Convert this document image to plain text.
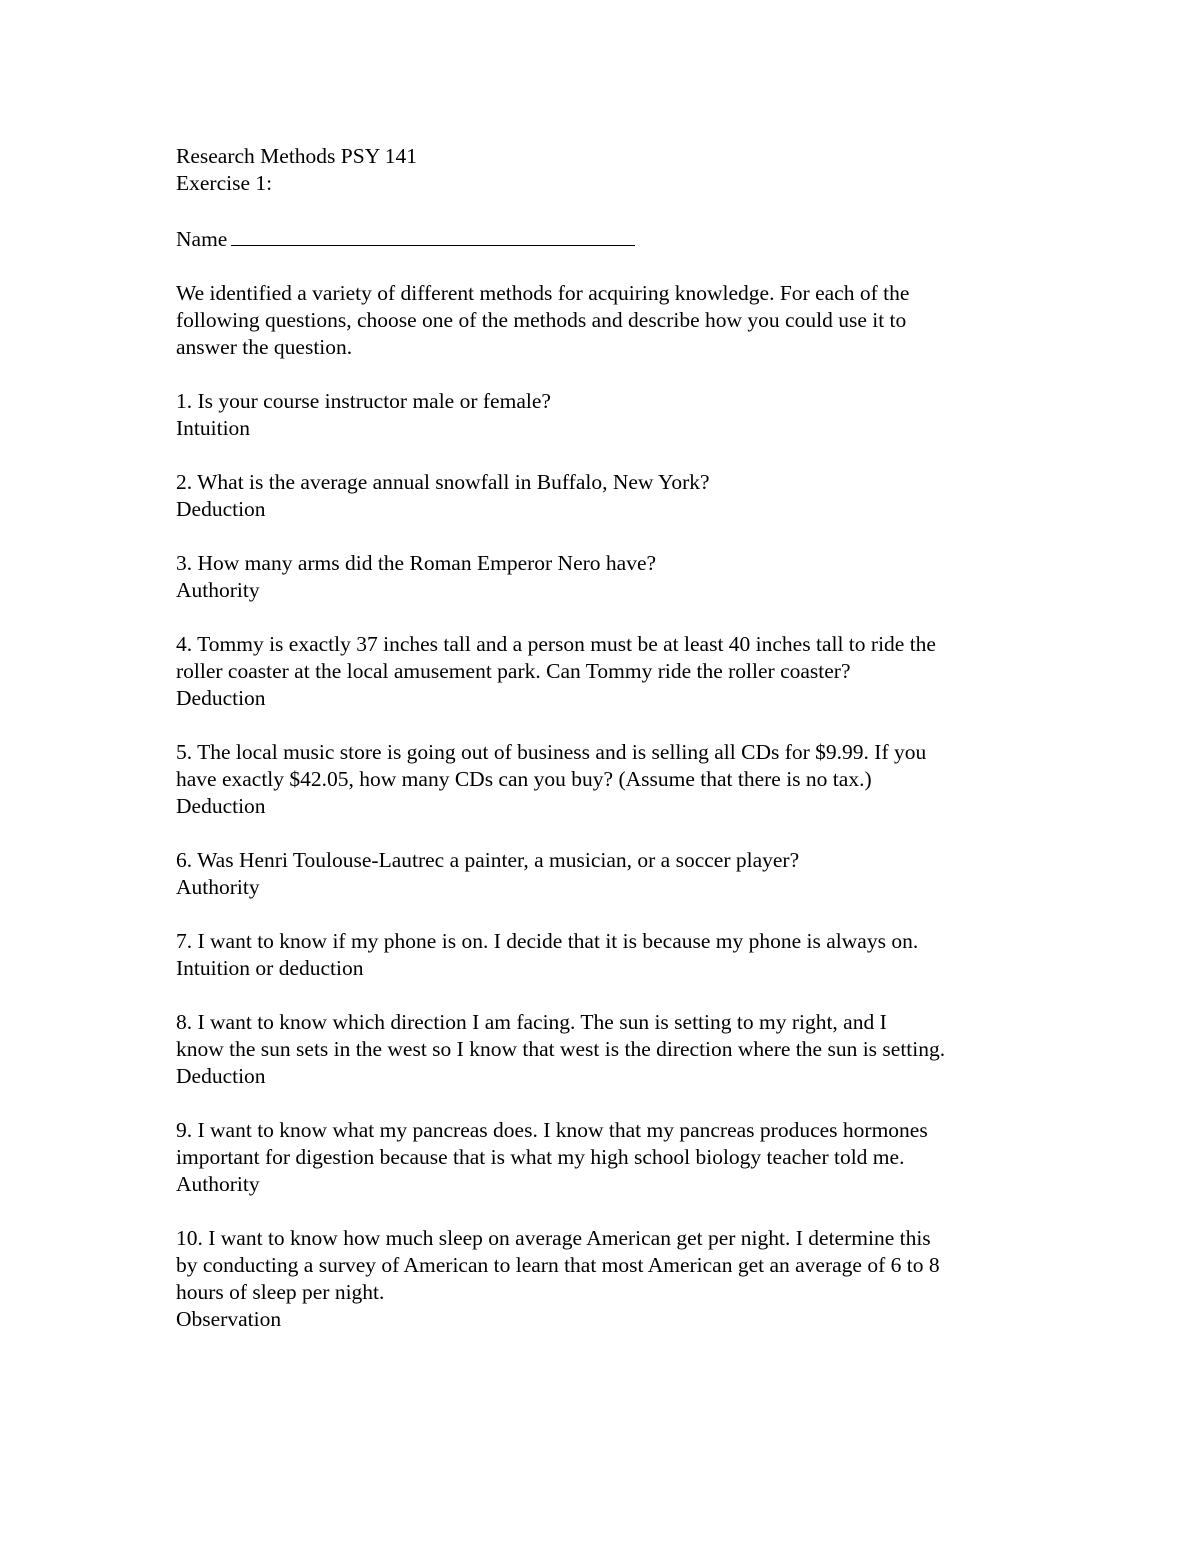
Research Methods PSY 141
Exercise 1:
Name
We identified a variety of different methods for acquiring knowledge. For each of the
following questions, choose one of the methods and describe how you could use it to
answer the question.
1. Is your course instructor male or female?
Intuition
2. What is the average annual snowfall in Buffalo, New York?
Deduction
3. How many arms did the Roman Emperor Nero have?
Authority
4. Tommy is exactly 37 inches tall and a person must be at least 40 inches tall to ride the
roller coaster at the local amusement park. Can Tommy ride the roller coaster?
Deduction
5. The local music store is going out of business and is selling all CDs for $9.99. If you
have exactly $42.05, how many CDs can you buy? (Assume that there is no tax.)
Deduction
6. Was Henri Toulouse-Lautrec a painter, a musician, or a soccer player?
Authority
7. I want to know if my phone is on. I decide that it is because my phone is always on.
Intuition or deduction
8. I want to know which direction I am facing. The sun is setting to my right, and I
know the sun sets in the west so I know that west is the direction where the sun is setting.
Deduction
9. I want to know what my pancreas does. I know that my pancreas produces hormones
important for digestion because that is what my high school biology teacher told me.
Authority
10. I want to know how much sleep on average American get per night. I determine this
by conducting a survey of American to learn that most American get an average of 6 to 8
hours of sleep per night.
Observation
